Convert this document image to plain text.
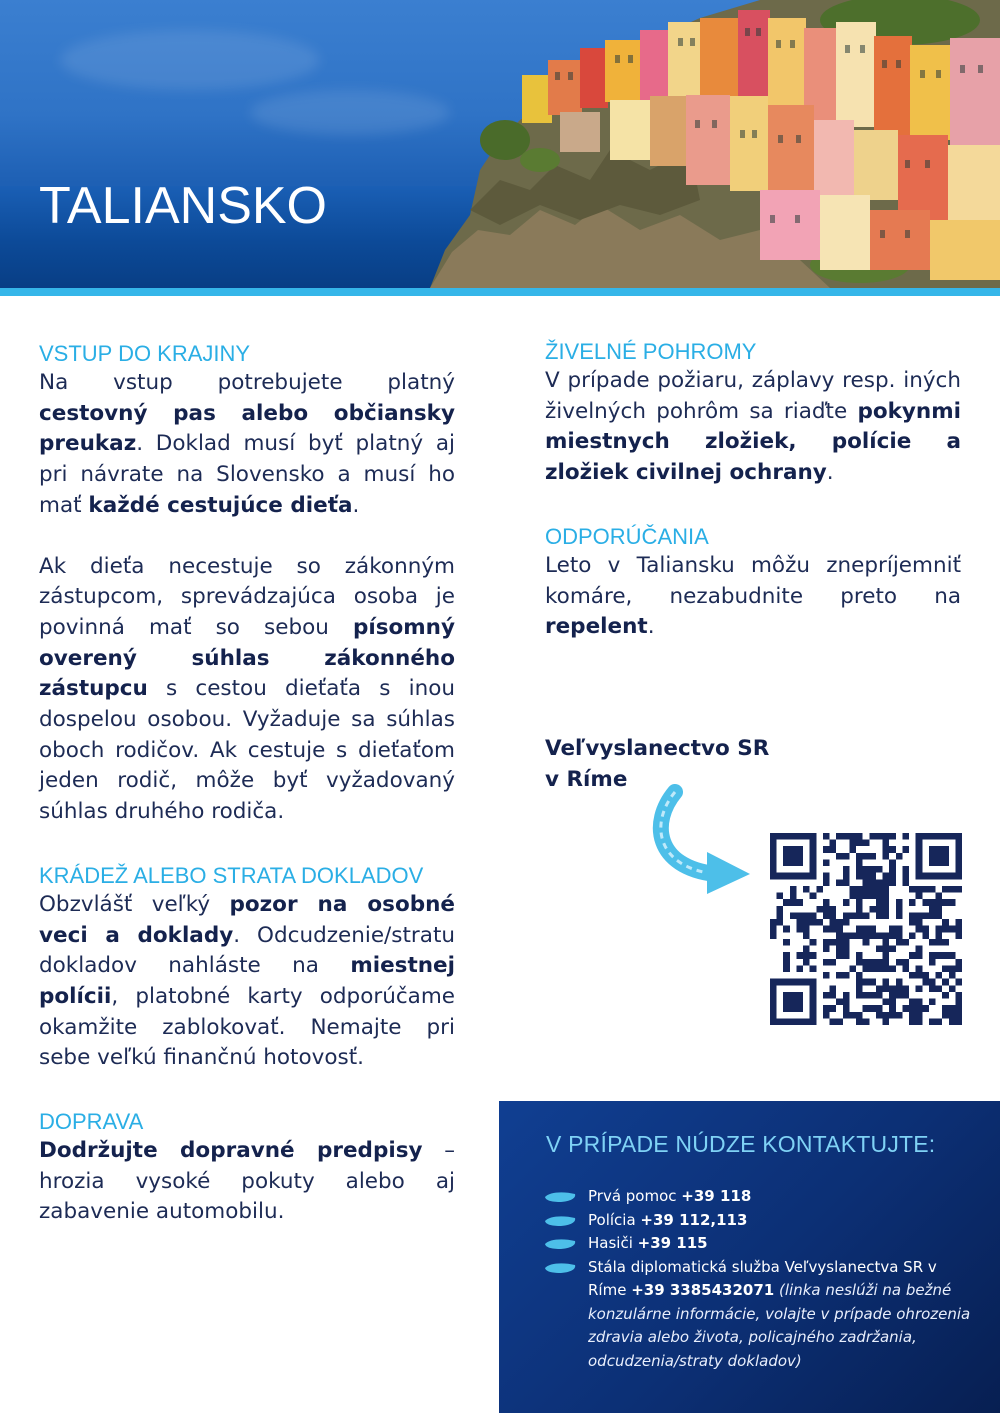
TALIANSKO
VSTUP DO KRAJINY

Na vstup potrebujete platný cestovný pas alebo občiansky preukaz. Doklad musí byť platný aj pri návrate na Slovensko a musí ho mať každé cestujúce dieťa.

Ak dieťa necestuje so zákonným zástupcom, sprevádzajúca osoba je povinná mať so sebou písomný overený súhlas zákonného zástupcu s cestou dieťaťa s inou dospelou osobou. Vyžaduje sa súhlas oboch rodičov. Ak cestuje s dieťaťom jeden rodič, môže byť vyžadovaný súhlas druhého rodiča.

KRÁDEŽ ALEBO STRATA DOKLADOV

Obzvlášť veľký pozor na osobné veci a doklady. Odcudzenie/stratu dokladov nahláste na miestnej polícii, platobné karty odporúčame okamžite zablokovať. Nemajte pri sebe veľkú finančnú hotovosť.

DOPRAVA

Dodržujte dopravné predpisy – hrozia vysoké pokuty alebo aj zabavenie automobilu.

ŽIVELNÉ POHROMY

V prípade požiaru, záplavy resp. iných živelných pohrôm sa riaďte pokynmi miestnych zložiek, polície a zložiek civilnej ochrany.

ODPORÚČANIA

Leto v Taliansku môžu znepríjemniť komáre, nezabudnite preto na repelent.

Veľvyslanectvo SR
v Ríme

V PRÍPADE NÚDZE KONTAKTUJTE:
Prvá pomoc +39 118
Polícia +39 112,113
Hasiči +39 115
Stála diplomatická služba Veľvyslanectva SR v Ríme +39 3385432071 (linka neslúži na bežné konzulárne informácie, volajte v prípade ohrozenia zdravia alebo života, policajného zadržania, odcudzenia/straty dokladov)
